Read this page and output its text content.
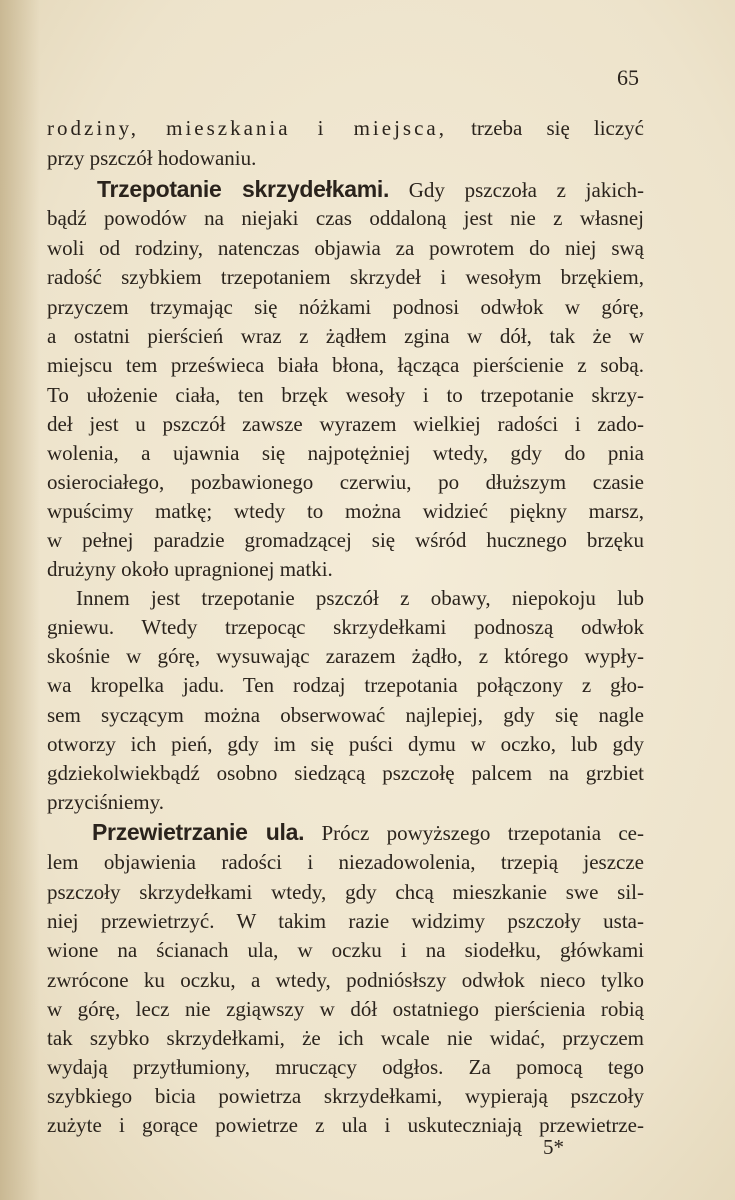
65
rodziny, mieszkania i miejsca, trzeba się liczyć
przy pszczół hodowaniu.
Trzepotanie skrzydełkami. Gdy pszczoła z jakich-
bądź powodów na niejaki czas oddaloną jest nie z własnej
woli od rodziny, natenczas objawia za powrotem do niej swą
radość szybkiem trzepotaniem skrzydeł i wesołym brzękiem,
przyczem trzymając się nóżkami podnosi odwłok w górę,
a ostatni pierścień wraz z żądłem zgina w dół, tak że w
miejscu tem prześwieca biała błona, łącząca pierścienie z sobą.
To ułożenie ciała, ten brzęk wesoły i to trzepotanie skrzy-
deł jest u pszczół zawsze wyrazem wielkiej radości i zado-
wolenia, a ujawnia się najpotężniej wtedy, gdy do pnia
osierociałego, pozbawionego czerwiu, po dłuższym czasie
wpuścimy matkę; wtedy to można widzieć piękny marsz,
w pełnej paradzie gromadzącej się wśród hucznego brzęku
drużyny około upragnionej matki.
Innem jest trzepotanie pszczół z obawy, niepokoju lub
gniewu. Wtedy trzepocąc skrzydełkami podnoszą odwłok
skośnie w górę, wysuwając zarazem żądło, z którego wypły-
wa kropelka jadu. Ten rodzaj trzepotania połączony z gło-
sem syczącym można obserwować najlepiej, gdy się nagle
otworzy ich pień, gdy im się puści dymu w oczko, lub gdy
gdziekolwiekbądź osobno siedzącą pszczołę palcem na grzbiet
przyciśniemy.
Przewietrzanie ula. Prócz powyższego trzepotania ce-
lem objawienia radości i niezadowolenia, trzepią jeszcze
pszczoły skrzydełkami wtedy, gdy chcą mieszkanie swe sil-
niej przewietrzyć. W takim razie widzimy pszczoły usta-
wione na ścianach ula, w oczku i na siodełku, główkami
zwrócone ku oczku, a wtedy, podniósłszy odwłok nieco tylko
w górę, lecz nie zgiąwszy w dół ostatniego pierścienia robią
tak szybko skrzydełkami, że ich wcale nie widać, przyczem
wydają przytłumiony, mruczący odgłos. Za pomocą tego
szybkiego bicia powietrza skrzydełkami, wypierają pszczoły
zużyte i gorące powietrze z ula i uskuteczniają przewietrze-
5*
